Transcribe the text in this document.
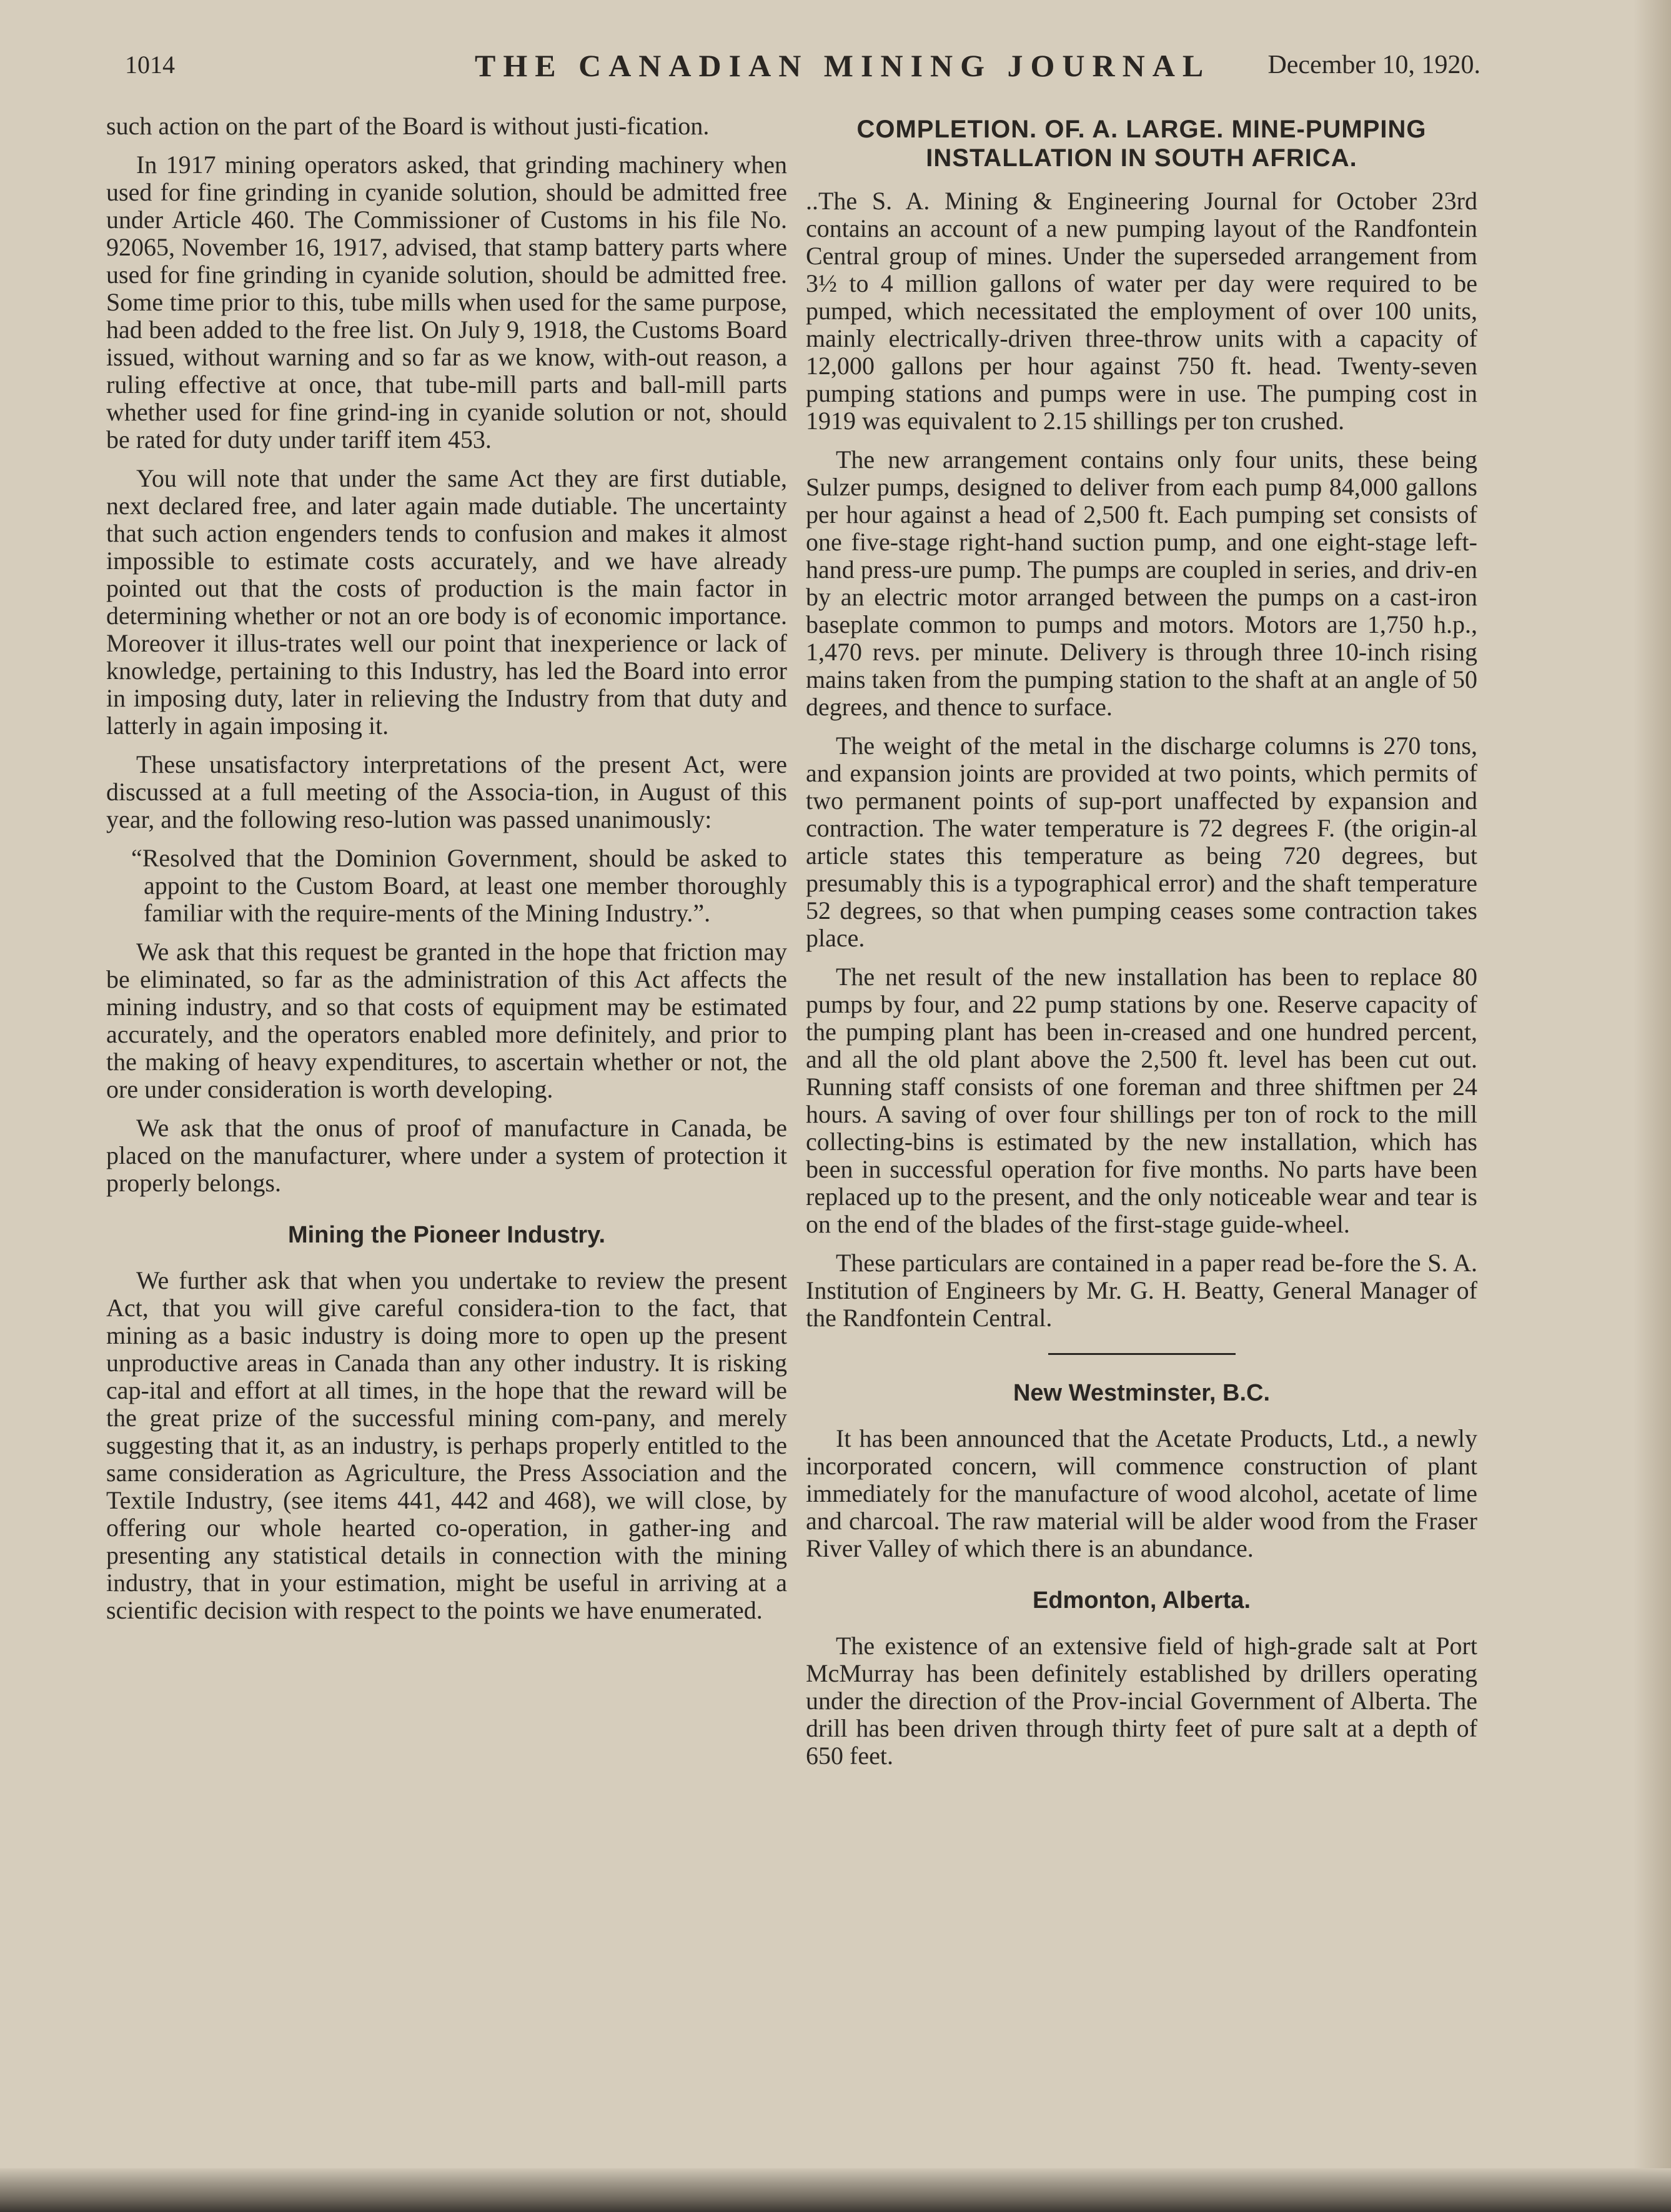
1014	THE CANADIAN MINING JOURNAL December 10, 1920.

such action on the part of the Board is without justi-fication.

In 1917 mining operators asked, that grinding machinery when used for fine grinding in cyanide solution, should be admitted free under Article 460. The Commissioner of Customs in his file No. 92065, November 16, 1917, advised, that stamp battery parts where used for fine grinding in cyanide solution, should be admitted free. Some time prior to this, tube mills when used for the same purpose, had been added to the free list. On July 9, 1918, the Customs Board issued, without warning and so far as we know, with-out reason, a ruling effective at once, that tube-mill parts and ball-mill parts whether used for fine grind-ing in cyanide solution or not, should be rated for duty under tariff item 453.

You will note that under the same Act they are first dutiable, next declared free, and later again made dutiable. The uncertainty that such action engenders tends to confusion and makes it almost impossible to estimate costs accurately, and we have already pointed out that the costs of production is the main factor in determining whether or not an ore body is of economic importance. Moreover it illus-trates well our point that inexperience or lack of knowledge, pertaining to this Industry, has led the Board into error in imposing duty, later in relieving the Industry from that duty and latterly in again imposing it.

These unsatisfactory interpretations of the present Act, were discussed at a full meeting of the Associa-tion, in August of this year, and the following reso-lution was passed unanimously:

“Resolved that the Dominion Government, should be asked to appoint to the Custom Board, at least one member thoroughly familiar with the require-ments of the Mining Industry.”.

We ask that this request be granted in the hope that friction may be eliminated, so far as the administration of this Act affects the mining industry, and so that costs of equipment may be estimated accurately, and the operators enabled more definitely, and prior to the making of heavy expenditures, to ascertain whether or not, the ore under consideration is worth developing.

We ask that the onus of proof of manufacture in Canada, be placed on the manufacturer, where under a system of protection it properly belongs.

Mining the Pioneer Industry.

We further ask that when you undertake to review the present Act, that you will give careful considera-tion to the fact, that mining as a basic industry is doing more to open up the present unproductive areas in Canada than any other industry. It is risking cap-ital and effort at all times, in the hope that the reward will be the great prize of the successful mining com-pany, and merely suggesting that it, as an industry, is perhaps properly entitled to the same consideration as Agriculture, the Press Association and the Textile Industry, (see items 441, 442 and 468), we will close, by offering our whole hearted co-operation, in gather-ing and presenting any statistical details in connection with the mining industry, that in your estimation, might be useful in arriving at a scientific decision with respect to the points we have enumerated.

COMPLETION. OF. A. LARGE. MINE-PUMPING
INSTALLATION IN SOUTH AFRICA.

..The S. A. Mining & Engineering Journal for October 23rd contains an account of a new pumping layout of the Randfontein Central group of mines. Under the superseded arrangement from 3½ to 4 million gallons of water per day were required to be pumped, which necessitated the employment of over 100 units, mainly electrically-driven three-throw units with a capacity of 12,000 gallons per hour against 750 ft. head. Twenty-seven pumping stations and pumps were in use. The pumping cost in 1919 was equivalent to 2.15 shillings per ton crushed.

The new arrangement contains only four units, these being Sulzer pumps, designed to deliver from each pump 84,000 gallons per hour against a head of 2,500 ft. Each pumping set consists of one five-stage right-hand suction pump, and one eight-stage left-hand press-ure pump. The pumps are coupled in series, and driv-en by an electric motor arranged between the pumps on a cast-iron baseplate common to pumps and motors. Motors are 1,750 h.p., 1,470 revs. per minute. Delivery is through three 10-inch rising mains taken from the pumping station to the shaft at an angle of 50 degrees, and thence to surface.

The weight of the metal in the discharge columns is 270 tons, and expansion joints are provided at two points, which permits of two permanent points of sup-port unaffected by expansion and contraction. The water temperature is 72 degrees F. (the origin-al article states this temperature as being 720 degrees, but presumably this is a typographical error) and the shaft temperature 52 degrees, so that when pumping ceases some contraction takes place.

The net result of the new installation has been to replace 80 pumps by four, and 22 pump stations by one. Reserve capacity of the pumping plant has been in-creased and one hundred percent, and all the old plant above the 2,500 ft. level has been cut out. Running staff consists of one foreman and three shiftmen per 24 hours. A saving of over four shillings per ton of rock to the mill collecting-bins is estimated by the new installation, which has been in successful operation for five months. No parts have been replaced up to the present, and the only noticeable wear and tear is on the end of the blades of the first-stage guide-wheel.

These particulars are contained in a paper read be-fore the S. A. Institution of Engineers by Mr. G. H. Beatty, General Manager of the Randfontein Central.

New Westminster, B.C.

It has been announced that the Acetate Products, Ltd., a newly incorporated concern, will commence construction of plant immediately for the manufacture of wood alcohol, acetate of lime and charcoal. The raw material will be alder wood from the Fraser River Valley of which there is an abundance.

Edmonton, Alberta.

The existence of an extensive field of high-grade salt at Port McMurray has been definitely established by drillers operating under the direction of the Prov-incial Government of Alberta. The drill has been driven through thirty feet of pure salt at a depth of 650 feet.
